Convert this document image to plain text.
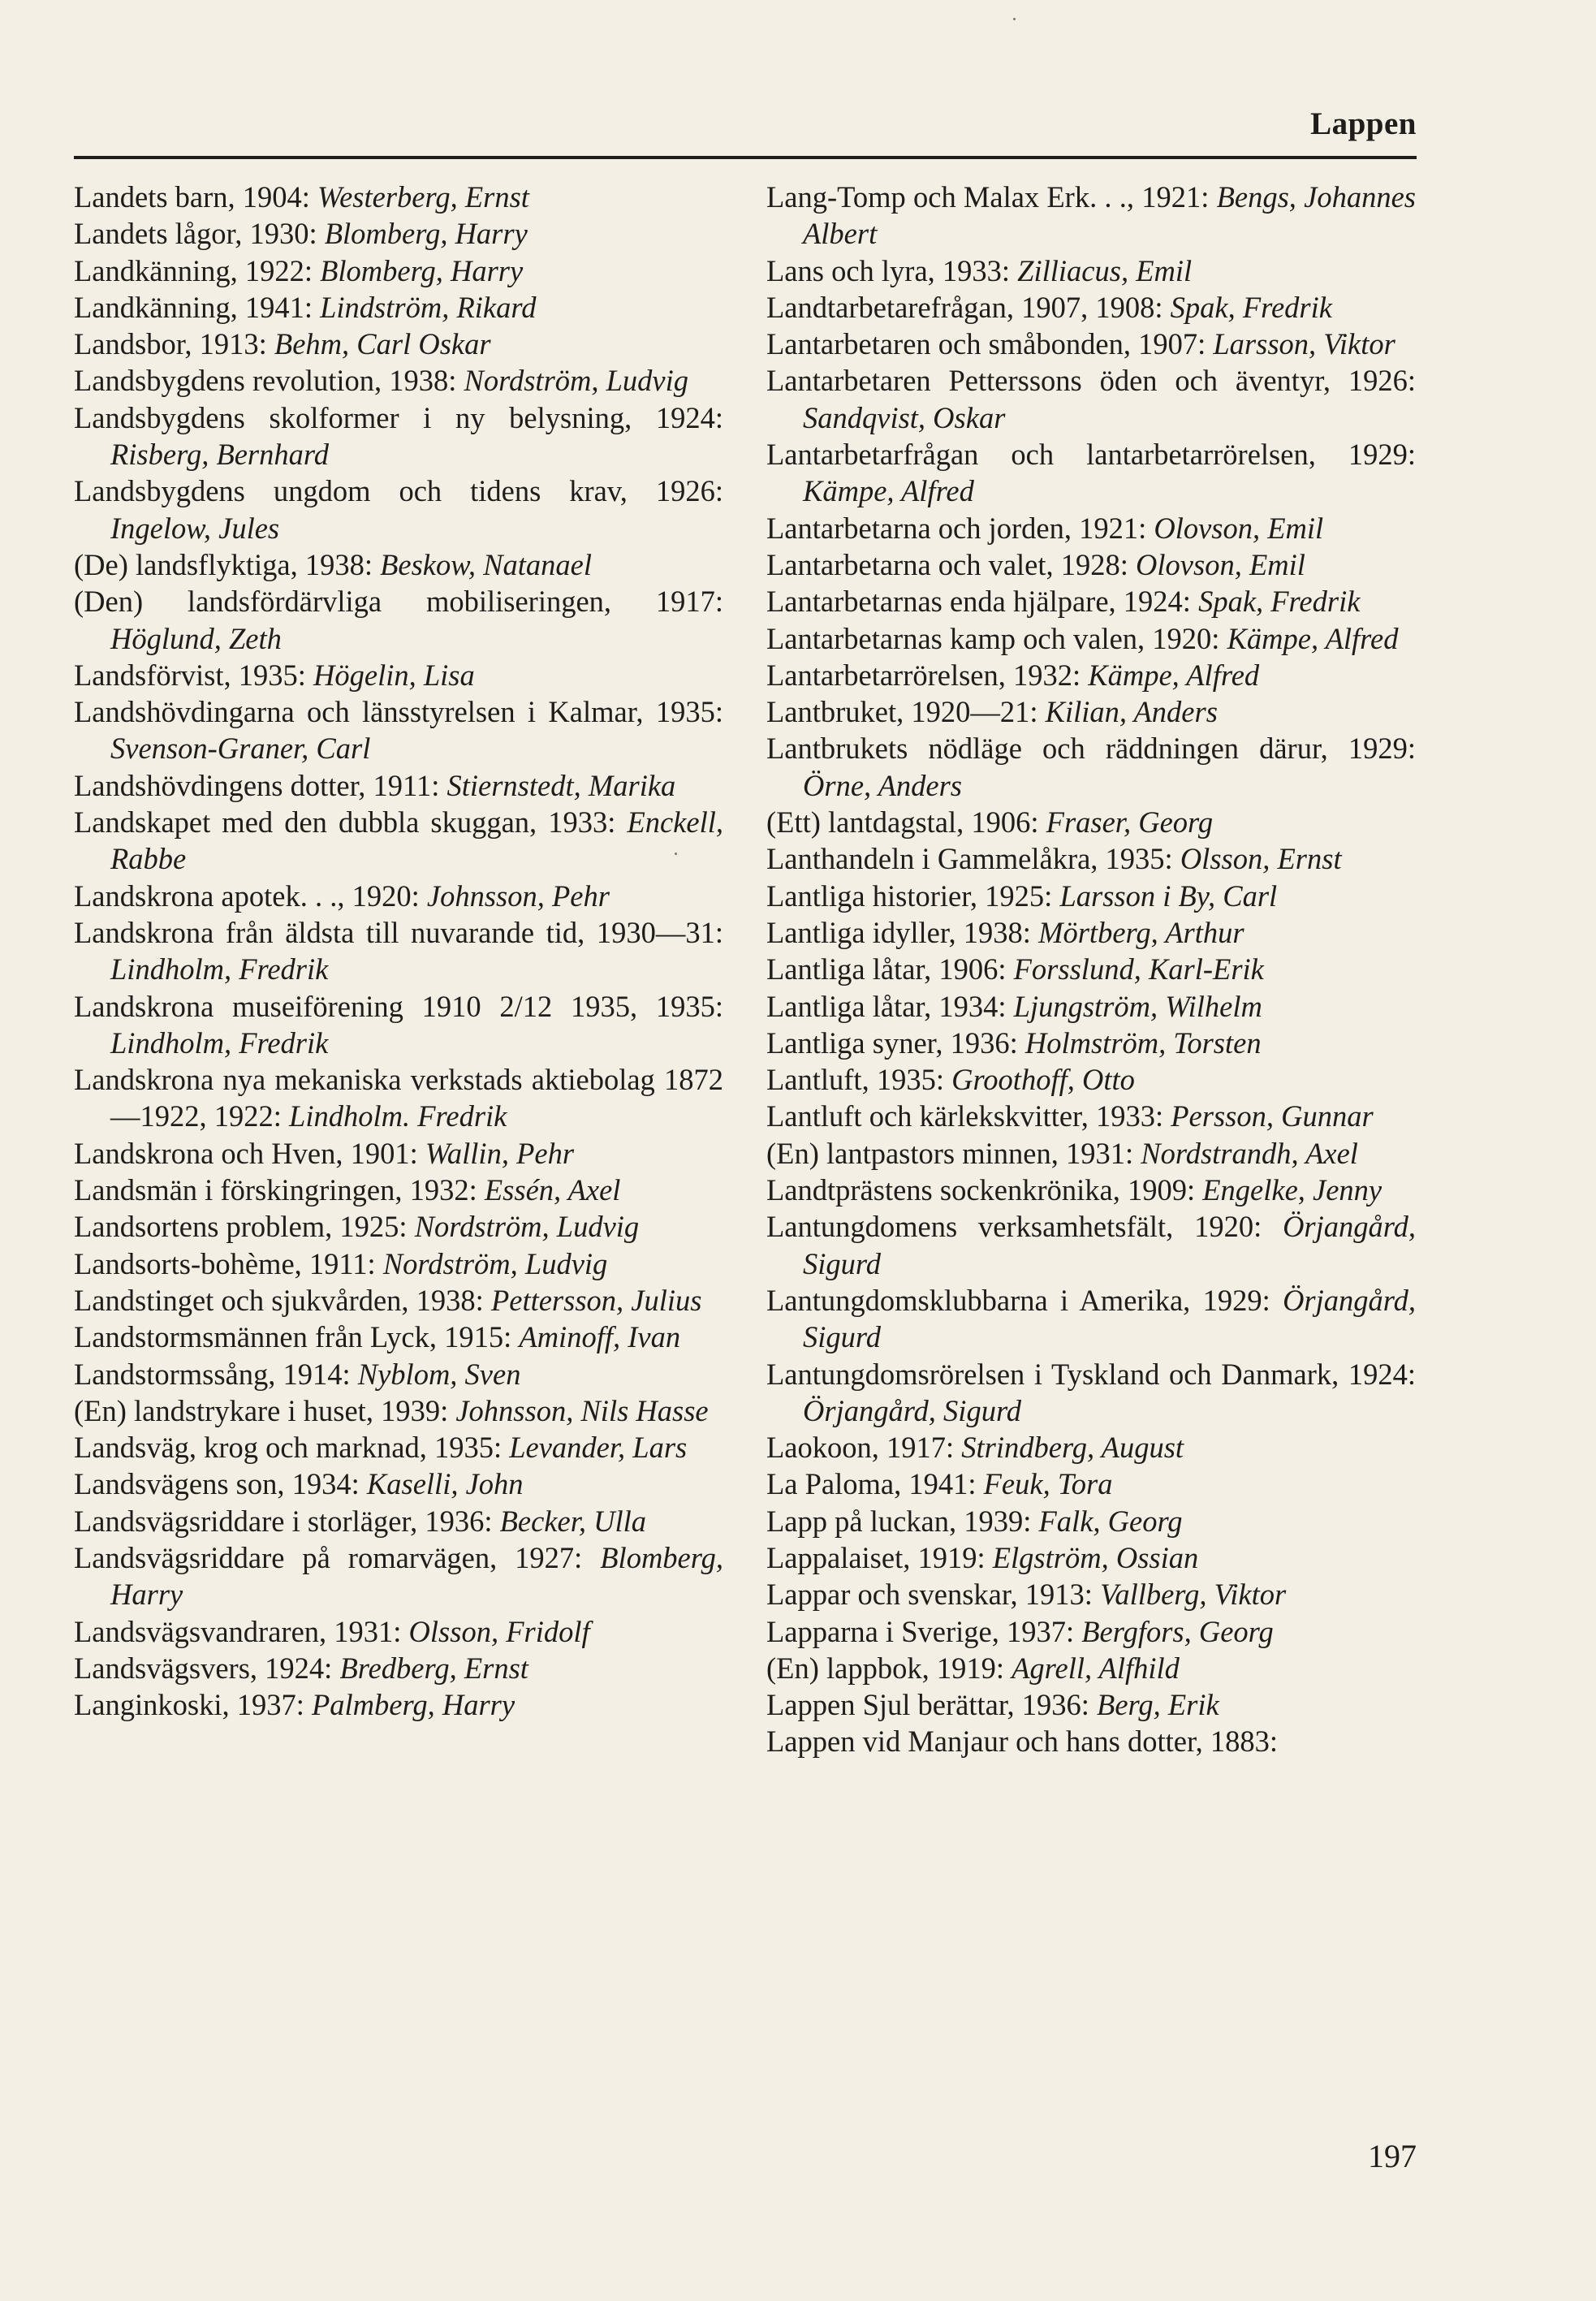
Lappen
Landets barn, 1904: Westerberg, Ernst
Landets lågor, 1930: Blomberg, Harry
Landkänning, 1922: Blomberg, Harry
Landkänning, 1941: Lindström, Rikard
Landsbor, 1913: Behm, Carl Oskar
Landsbygdens revolution, 1938: Nordström, Ludvig
Landsbygdens skolformer i ny belysning, 1924: Risberg, Bernhard
Landsbygdens ungdom och tidens krav, 1926: Ingelow, Jules
(De) landsflyktiga, 1938: Beskow, Natanael
(Den) landsfördärvliga mobiliseringen, 1917: Höglund, Zeth
Landsförvist, 1935: Högelin, Lisa
Landshövdingarna och länsstyrelsen i Kalmar, 1935: Svenson-Graner, Carl
Landshövdingens dotter, 1911: Stiernstedt, Marika
Landskapet med den dubbla skuggan, 1933: Enckell, Rabbe
Landskrona apotek. . ., 1920: Johnsson, Pehr
Landskrona från äldsta till nuvarande tid, 1930—31: Lindholm, Fredrik
Landskrona museiförening 1910 2/12 1935, 1935: Lindholm, Fredrik
Landskrona nya mekaniska verkstads aktiebolag 1872—1922, 1922: Lindholm. Fredrik
Landskrona och Hven, 1901: Wallin, Pehr
Landsmän i förskingringen, 1932: Essén, Axel
Landsortens problem, 1925: Nordström, Ludvig
Landsorts-bohème, 1911: Nordström, Ludvig
Landstinget och sjukvården, 1938: Pettersson, Julius
Landstormsmännen från Lyck, 1915: Aminoff, Ivan
Landstormssång, 1914: Nyblom, Sven
(En) landstrykare i huset, 1939: Johnsson, Nils Hasse
Landsväg, krog och marknad, 1935: Levander, Lars
Landsvägens son, 1934: Kaselli, John
Landsvägsriddare i storläger, 1936: Becker, Ulla
Landsvägsriddare på romarvägen, 1927: Blomberg, Harry
Landsvägsvandraren, 1931: Olsson, Fridolf
Landsvägsvers, 1924: Bredberg, Ernst
Langinkoski, 1937: Palmberg, Harry
Lang-Tomp och Malax Erk. . ., 1921: Bengs, Johannes Albert
Lans och lyra, 1933: Zilliacus, Emil
Landtarbetarefrågan, 1907, 1908: Spak, Fredrik
Lantarbetaren och småbonden, 1907: Larsson, Viktor
Lantarbetaren Petterssons öden och äventyr, 1926: Sandqvist, Oskar
Lantarbetarfrågan och lantarbetarrörelsen, 1929: Kämpe, Alfred
Lantarbetarna och jorden, 1921: Olovson, Emil
Lantarbetarna och valet, 1928: Olovson, Emil
Lantarbetarnas enda hjälpare, 1924: Spak, Fredrik
Lantarbetarnas kamp och valen, 1920: Kämpe, Alfred
Lantarbetarrörelsen, 1932: Kämpe, Alfred
Lantbruket, 1920—21: Kilian, Anders
Lantbrukets nödläge och räddningen därur, 1929: Örne, Anders
(Ett) lantdagstal, 1906: Fraser, Georg
Lanthandeln i Gammelåkra, 1935: Olsson, Ernst
Lantliga historier, 1925: Larsson i By, Carl
Lantliga idyller, 1938: Mörtberg, Arthur
Lantliga låtar, 1906: Forsslund, Karl-Erik
Lantliga låtar, 1934: Ljungström, Wilhelm
Lantliga syner, 1936: Holmström, Torsten
Lantluft, 1935: Groothoff, Otto
Lantluft och kärlekskvitter, 1933: Persson, Gunnar
(En) lantpastors minnen, 1931: Nordstrandh, Axel
Landtprästens sockenkrönika, 1909: Engelke, Jenny
Lantungdomens verksamhetsfält, 1920: Örjangård, Sigurd
Lantungdomsklubbarna i Amerika, 1929: Örjangård, Sigurd
Lantungdomsrörelsen i Tyskland och Danmark, 1924: Örjangård, Sigurd
Laokoon, 1917: Strindberg, August
La Paloma, 1941: Feuk, Tora
Lapp på luckan, 1939: Falk, Georg
Lappalaiset, 1919: Elgström, Ossian
Lappar och svenskar, 1913: Vallberg, Viktor
Lapparna i Sverige, 1937: Bergfors, Georg
(En) lappbok, 1919: Agrell, Alfhild
Lappen Sjul berättar, 1936: Berg, Erik
Lappen vid Manjaur och hans dotter, 1883:
197
